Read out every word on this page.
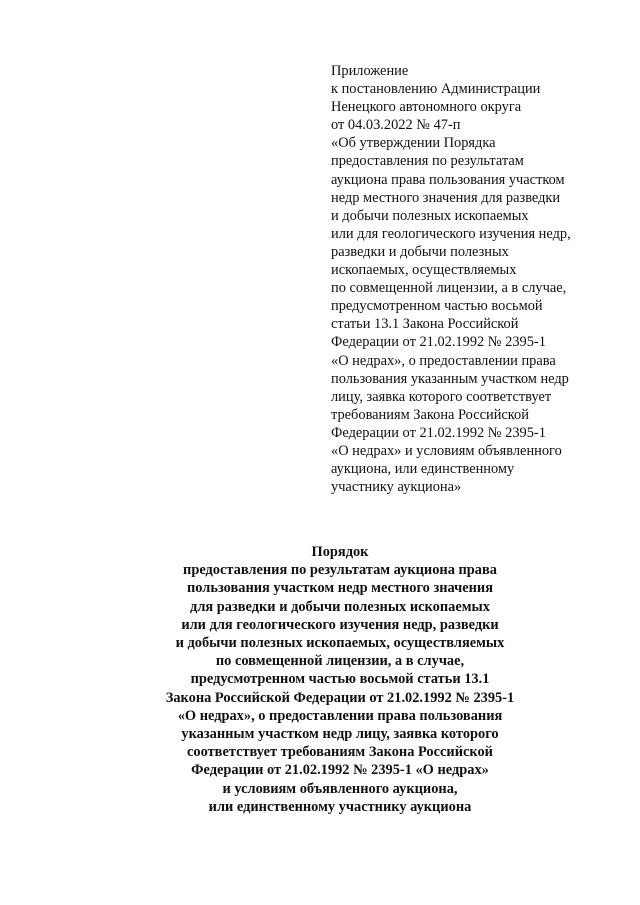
Приложение
к постановлению Администрации
Ненецкого автономного округа
от 04.03.2022 № 47-п
«Об утверждении Порядка
предоставления по результатам
аукциона права пользования участком
недр местного значения для разведки
и добычи полезных ископаемых
или для геологического изучения недр,
разведки и добычи полезных
ископаемых, осуществляемых
по совмещенной лицензии, а в случае,
предусмотренном частью восьмой
статьи 13.1 Закона Российской
Федерации от 21.02.1992 № 2395-1
«О недрах», о предоставлении права
пользования указанным участком недр
лицу, заявка которого соответствует
требованиям Закона Российской
Федерации от 21.02.1992 № 2395-1
«О недрах» и условиям объявленного
аукциона, или единственному
участнику аукциона»
Порядок
предоставления по результатам аукциона права
пользования участком недр местного значения
для разведки и добычи полезных ископаемых
или для геологического изучения недр, разведки
и добычи полезных ископаемых, осуществляемых
по совмещенной лицензии, а в случае,
предусмотренном частью восьмой статьи 13.1
Закона Российской Федерации от 21.02.1992 № 2395-1
«О недрах», о предоставлении права пользования
указанным участком недр лицу, заявка которого
соответствует требованиям Закона Российской
Федерации от 21.02.1992 № 2395-1 «О недрах»
и условиям объявленного аукциона,
или единственному участнику аукциона
